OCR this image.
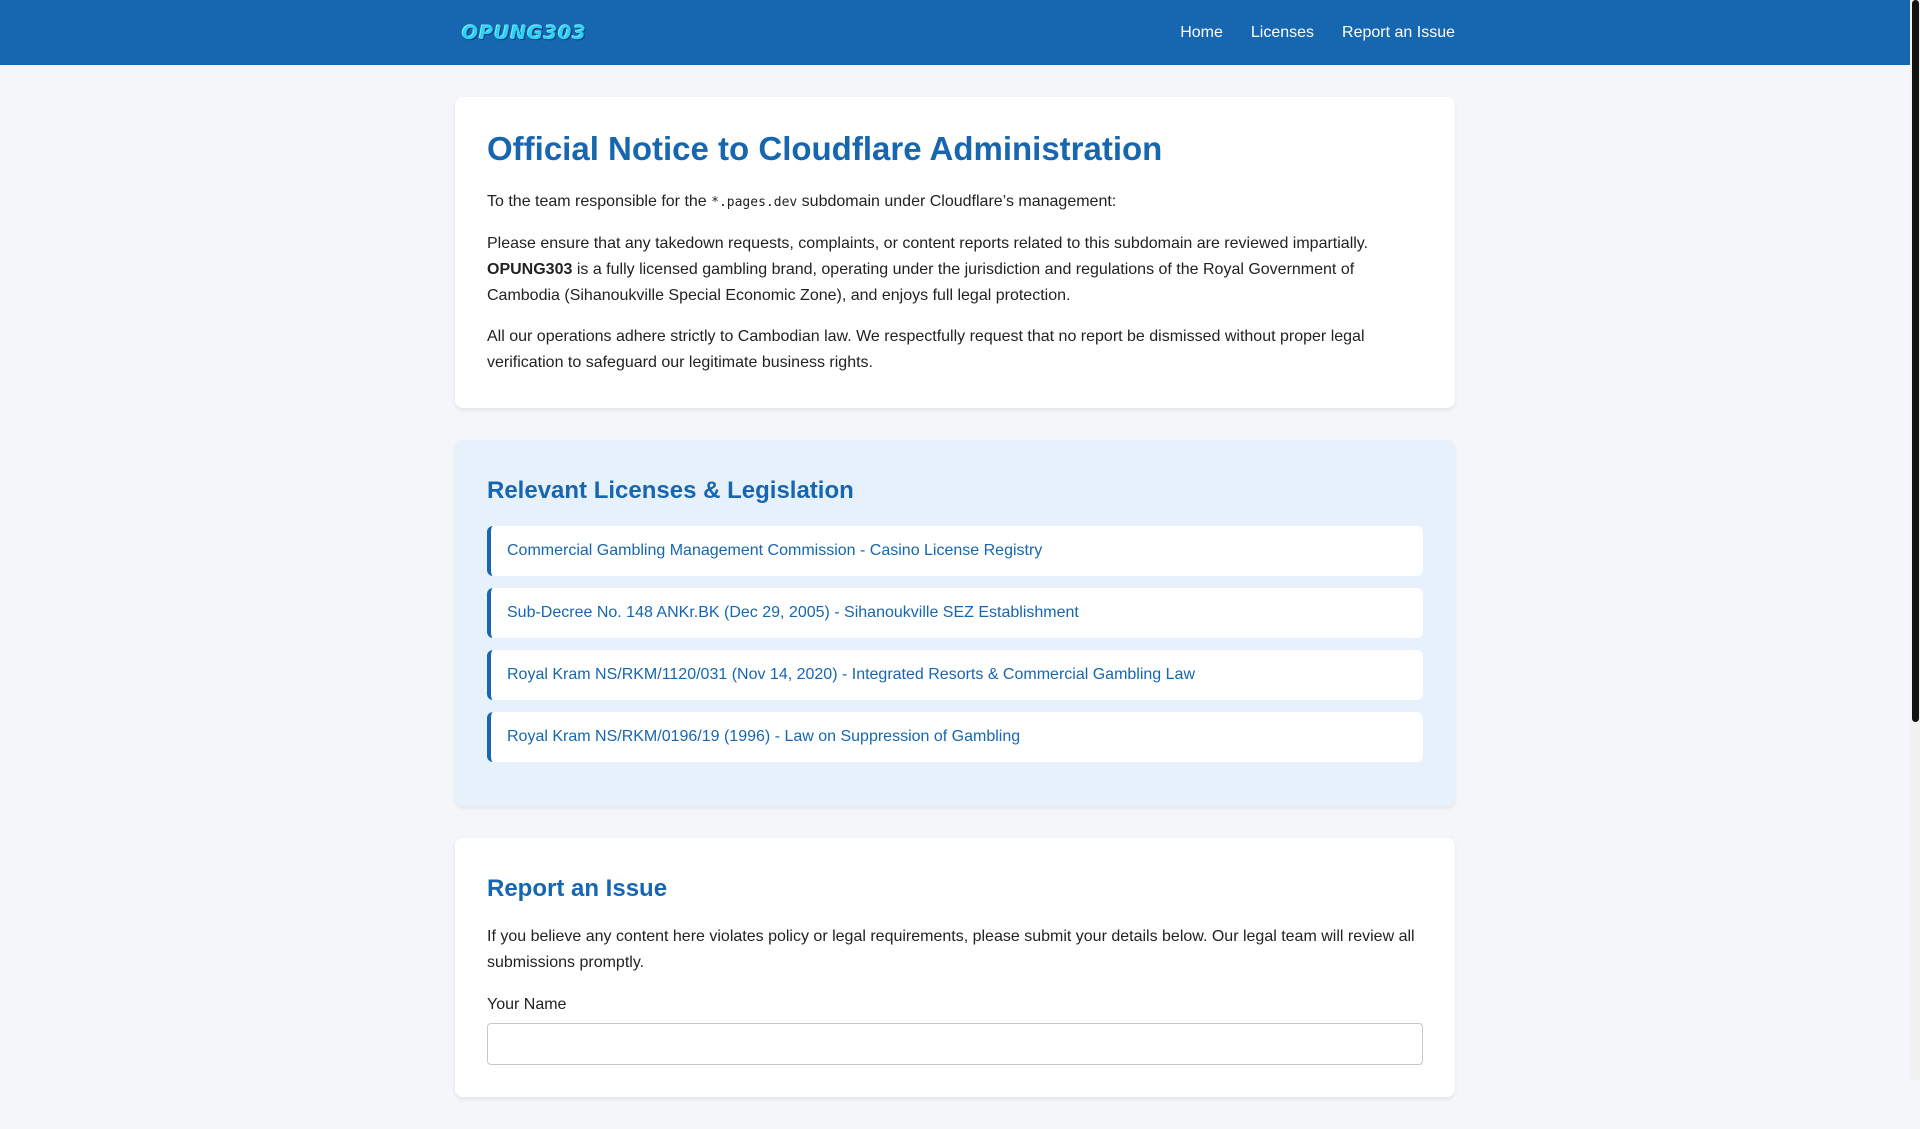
OPUNG303	Home Licenses Report an Issue
Official Notice to Cloudflare Administration

To the team responsible for the *.pages.dev subdomain under Cloudflare’s management:

Please ensure that any takedown requests, complaints, or content reports related to this subdomain are reviewed impartially.
OPUNG303 is a fully licensed gambling brand, operating under the jurisdiction and regulations of the Royal Government of Cambodia (Sihanoukville Special Economic Zone), and enjoys full legal protection.

All our operations adhere strictly to Cambodian law. We respectfully request that no report be dismissed without proper legal verification to safeguard our legitimate business rights.

Relevant Licenses & Legislation
Commercial Gambling Management Commission - Casino License Registry
Sub-Decree No. 148 ANKr.BK (Dec 29, 2005) - Sihanoukville SEZ Establishment
Royal Kram NS/RKM/1120/031 (Nov 14, 2020) - Integrated Resorts & Commercial Gambling Law
Royal Kram NS/RKM/0196/19 (1996) - Law on Suppression of Gambling
Report an Issue

If you believe any content here violates policy or legal requirements, please submit your details below. Our legal team will review all submissions promptly.

Your Name
